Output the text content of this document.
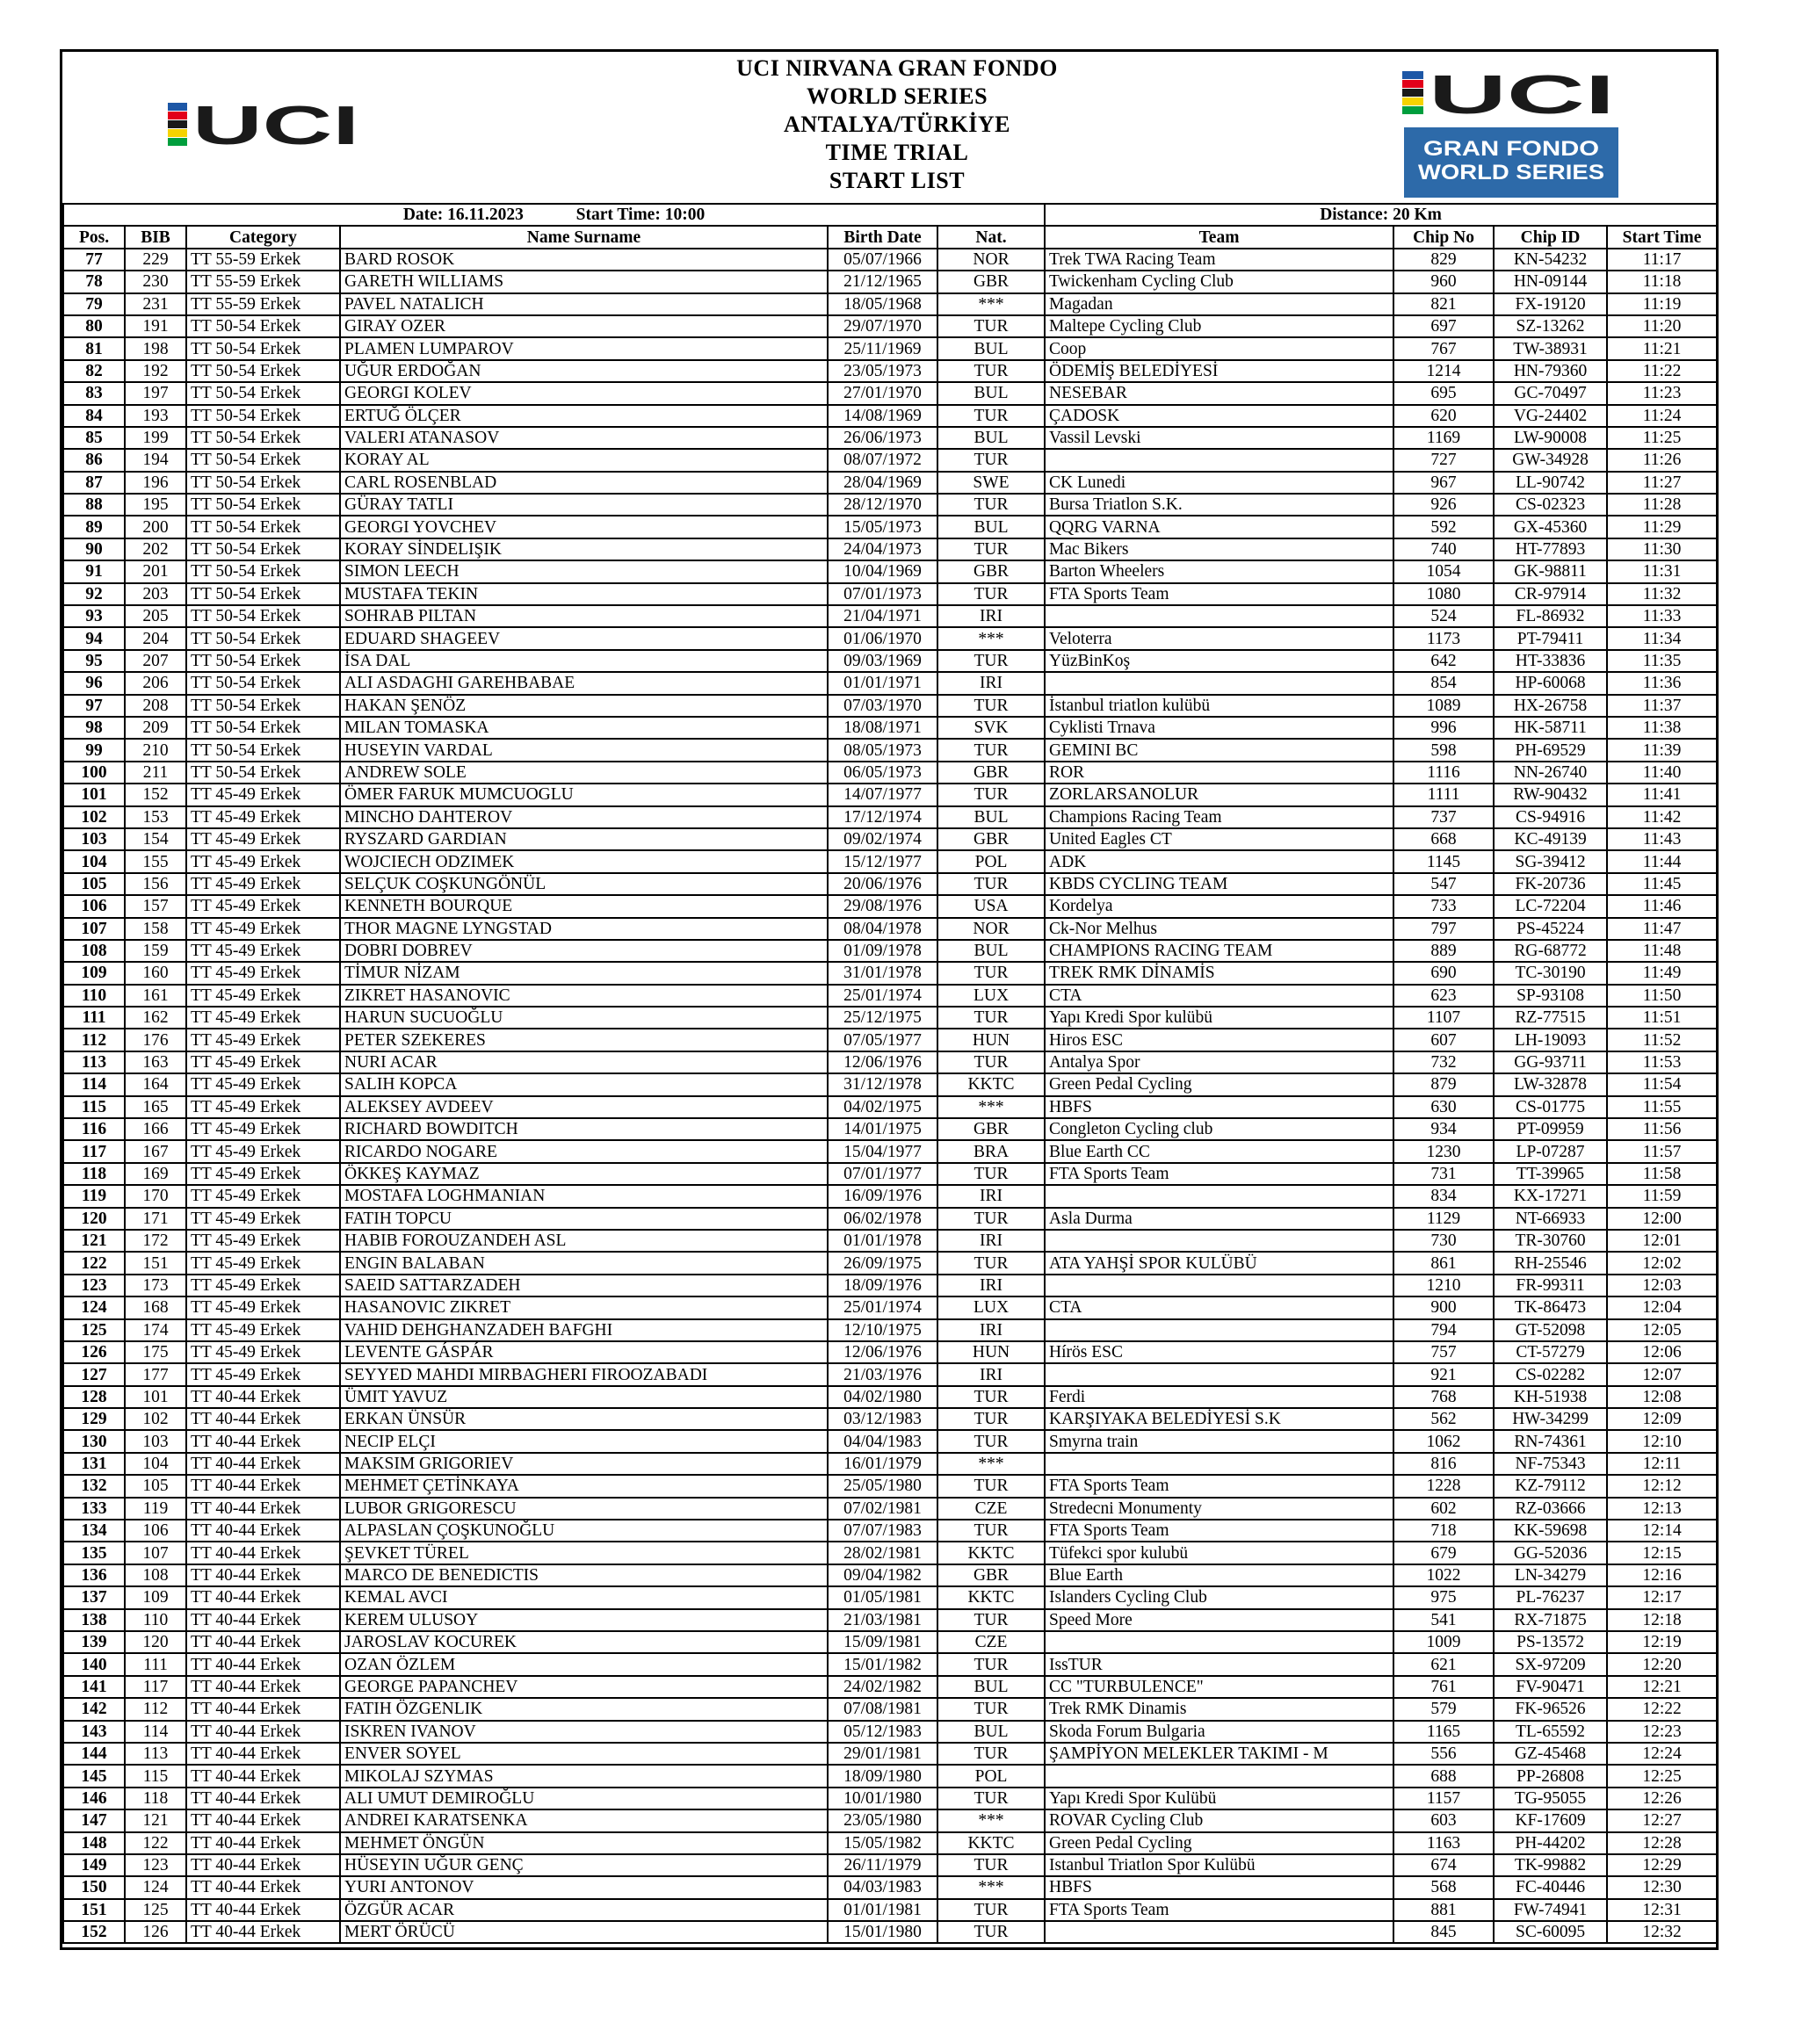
UCI
UCI NIRVANA GRAN FONDO
WORLD SERIES
ANTALYA/TÜRKİYE
TIME TRIAL
START LIST
UCI
GRAN FONDO
WORLD SERIES
Date: 16.11.2023 Start Time: 10:00						Distance: 20 Km			
Pos.	BIB	Category	Name Surname	Birth Date	Nat.	Team	Chip No	Chip ID	Start Time
77	229	TT 55-59 Erkek	BARD ROSOK	05/07/1966	NOR	Trek TWA Racing Team	829	KN-54232	11:17
78	230	TT 55-59 Erkek	GARETH WILLIAMS	21/12/1965	GBR	Twickenham Cycling Club	960	HN-09144	11:18
79	231	TT 55-59 Erkek	PAVEL NATALICH	18/05/1968	***	Magadan	821	FX-19120	11:19
80	191	TT 50-54 Erkek	GIRAY OZER	29/07/1970	TUR	Maltepe Cycling Club	697	SZ-13262	11:20
81	198	TT 50-54 Erkek	PLAMEN LUMPAROV	25/11/1969	BUL	Coop	767	TW-38931	11:21
82	192	TT 50-54 Erkek	UĞUR ERDOĞAN	23/05/1973	TUR	ÖDEMİŞ BELEDİYESİ	1214	HN-79360	11:22
83	197	TT 50-54 Erkek	GEORGI KOLEV	27/01/1970	BUL	NESEBAR	695	GC-70497	11:23
84	193	TT 50-54 Erkek	ERTUĞ ÖLÇER	14/08/1969	TUR	ÇADOSK	620	VG-24402	11:24
85	199	TT 50-54 Erkek	VALERI ATANASOV	26/06/1973	BUL	Vassil Levski	1169	LW-90008	11:25
86	194	TT 50-54 Erkek	KORAY AL	08/07/1972	TUR		727	GW-34928	11:26
87	196	TT 50-54 Erkek	CARL ROSENBLAD	28/04/1969	SWE	CK Lunedi	967	LL-90742	11:27
88	195	TT 50-54 Erkek	GÜRAY TATLI	28/12/1970	TUR	Bursa Triatlon S.K.	926	CS-02323	11:28
89	200	TT 50-54 Erkek	GEORGI YOVCHEV	15/05/1973	BUL	QQRG VARNA	592	GX-45360	11:29
90	202	TT 50-54 Erkek	KORAY SİNDELIŞIK	24/04/1973	TUR	Mac Bikers	740	HT-77893	11:30
91	201	TT 50-54 Erkek	SIMON LEECH	10/04/1969	GBR	Barton Wheelers	1054	GK-98811	11:31
92	203	TT 50-54 Erkek	MUSTAFA TEKIN	07/01/1973	TUR	FTA Sports Team	1080	CR-97914	11:32
93	205	TT 50-54 Erkek	SOHRAB PILTAN	21/04/1971	IRI		524	FL-86932	11:33
94	204	TT 50-54 Erkek	EDUARD SHAGEEV	01/06/1970	***	Veloterra	1173	PT-79411	11:34
95	207	TT 50-54 Erkek	İSA DAL	09/03/1969	TUR	YüzBinKoş	642	HT-33836	11:35
96	206	TT 50-54 Erkek	ALI ASDAGHI GAREHBABAE	01/01/1971	IRI		854	HP-60068	11:36
97	208	TT 50-54 Erkek	HAKAN ŞENÖZ	07/03/1970	TUR	İstanbul triatlon kulübü	1089	HX-26758	11:37
98	209	TT 50-54 Erkek	MILAN TOMASKA	18/08/1971	SVK	Cyklisti Trnava	996	HK-58711	11:38
99	210	TT 50-54 Erkek	HUSEYIN VARDAL	08/05/1973	TUR	GEMINI BC	598	PH-69529	11:39
100	211	TT 50-54 Erkek	ANDREW SOLE	06/05/1973	GBR	ROR	1116	NN-26740	11:40
101	152	TT 45-49 Erkek	ÖMER FARUK MUMCUOGLU	14/07/1977	TUR	ZORLARSANOLUR	1111	RW-90432	11:41
102	153	TT 45-49 Erkek	MINCHO DAHTEROV	17/12/1974	BUL	Champions Racing Team	737	CS-94916	11:42
103	154	TT 45-49 Erkek	RYSZARD GARDIAN	09/02/1974	GBR	United Eagles CT	668	KC-49139	11:43
104	155	TT 45-49 Erkek	WOJCIECH ODZIMEK	15/12/1977	POL	ADK	1145	SG-39412	11:44
105	156	TT 45-49 Erkek	SELÇUK COŞKUNGÖNÜL	20/06/1976	TUR	KBDS CYCLING TEAM	547	FK-20736	11:45
106	157	TT 45-49 Erkek	KENNETH BOURQUE	29/08/1976	USA	Kordelya	733	LC-72204	11:46
107	158	TT 45-49 Erkek	THOR MAGNE LYNGSTAD	08/04/1978	NOR	Ck-Nor Melhus	797	PS-45224	11:47
108	159	TT 45-49 Erkek	DOBRI DOBREV	01/09/1978	BUL	CHAMPIONS RACING TEAM	889	RG-68772	11:48
109	160	TT 45-49 Erkek	TİMUR NİZAM	31/01/1978	TUR	TREK RMK DİNAMİS	690	TC-30190	11:49
110	161	TT 45-49 Erkek	ZIKRET HASANOVIC	25/01/1974	LUX	CTA	623	SP-93108	11:50
111	162	TT 45-49 Erkek	HARUN SUCUOĞLU	25/12/1975	TUR	Yapı Kredi Spor kulübü	1107	RZ-77515	11:51
112	176	TT 45-49 Erkek	PETER SZEKERES	07/05/1977	HUN	Hiros ESC	607	LH-19093	11:52
113	163	TT 45-49 Erkek	NURI ACAR	12/06/1976	TUR	Antalya Spor	732	GG-93711	11:53
114	164	TT 45-49 Erkek	SALIH KOPCA	31/12/1978	KKTC	Green Pedal Cycling	879	LW-32878	11:54
115	165	TT 45-49 Erkek	ALEKSEY AVDEEV	04/02/1975	***	HBFS	630	CS-01775	11:55
116	166	TT 45-49 Erkek	RICHARD BOWDITCH	14/01/1975	GBR	Congleton Cycling club	934	PT-09959	11:56
117	167	TT 45-49 Erkek	RICARDO NOGARE	15/04/1977	BRA	Blue Earth CC	1230	LP-07287	11:57
118	169	TT 45-49 Erkek	ÖKKEŞ KAYMAZ	07/01/1977	TUR	FTA Sports Team	731	TT-39965	11:58
119	170	TT 45-49 Erkek	MOSTAFA LOGHMANIAN	16/09/1976	IRI		834	KX-17271	11:59
120	171	TT 45-49 Erkek	FATIH TOPCU	06/02/1978	TUR	Asla Durma	1129	NT-66933	12:00
121	172	TT 45-49 Erkek	HABIB FOROUZANDEH ASL	01/01/1978	IRI		730	TR-30760	12:01
122	151	TT 45-49 Erkek	ENGIN BALABAN	26/09/1975	TUR	ATA YAHŞİ SPOR KULÜBÜ	861	RH-25546	12:02
123	173	TT 45-49 Erkek	SAEID SATTARZADEH	18/09/1976	IRI		1210	FR-99311	12:03
124	168	TT 45-49 Erkek	HASANOVIC ZIKRET	25/01/1974	LUX	CTA	900	TK-86473	12:04
125	174	TT 45-49 Erkek	VAHID DEHGHANZADEH BAFGHI	12/10/1975	IRI		794	GT-52098	12:05
126	175	TT 45-49 Erkek	LEVENTE GÁSPÁR	12/06/1976	HUN	Hírös ESC	757	CT-57279	12:06
127	177	TT 45-49 Erkek	SEYYED MAHDI MIRBAGHERI FIROOZABADI	21/03/1976	IRI		921	CS-02282	12:07
128	101	TT 40-44 Erkek	ÜMIT YAVUZ	04/02/1980	TUR	Ferdi	768	KH-51938	12:08
129	102	TT 40-44 Erkek	ERKAN ÜNSÜR	03/12/1983	TUR	KARŞIYAKA BELEDİYESİ S.K	562	HW-34299	12:09
130	103	TT 40-44 Erkek	NECIP ELÇI	04/04/1983	TUR	Smyrna train	1062	RN-74361	12:10
131	104	TT 40-44 Erkek	MAKSIM GRIGORIEV	16/01/1979	***		816	NF-75343	12:11
132	105	TT 40-44 Erkek	MEHMET ÇETİNKAYA	25/05/1980	TUR	FTA Sports Team	1228	KZ-79112	12:12
133	119	TT 40-44 Erkek	LUBOR GRIGORESCU	07/02/1981	CZE	Stredecni Monumenty	602	RZ-03666	12:13
134	106	TT 40-44 Erkek	ALPASLAN ÇOŞKUNOĞLU	07/07/1983	TUR	FTA Sports Team	718	KK-59698	12:14
135	107	TT 40-44 Erkek	ŞEVKET TÜREL	28/02/1981	KKTC	Tüfekci spor kulubü	679	GG-52036	12:15
136	108	TT 40-44 Erkek	MARCO DE BENEDICTIS	09/04/1982	GBR	Blue Earth	1022	LN-34279	12:16
137	109	TT 40-44 Erkek	KEMAL AVCI	01/05/1981	KKTC	Islanders Cycling Club	975	PL-76237	12:17
138	110	TT 40-44 Erkek	KEREM ULUSOY	21/03/1981	TUR	Speed More	541	RX-71875	12:18
139	120	TT 40-44 Erkek	JAROSLAV KOCUREK	15/09/1981	CZE		1009	PS-13572	12:19
140	111	TT 40-44 Erkek	OZAN ÖZLEM	15/01/1982	TUR	IssTUR	621	SX-97209	12:20
141	117	TT 40-44 Erkek	GEORGE PAPANCHEV	24/02/1982	BUL	CC "TURBULENCE"	761	FV-90471	12:21
142	112	TT 40-44 Erkek	FATIH ÖZGENLIK	07/08/1981	TUR	Trek RMK Dinamis	579	FK-96526	12:22
143	114	TT 40-44 Erkek	ISKREN IVANOV	05/12/1983	BUL	Skoda Forum Bulgaria	1165	TL-65592	12:23
144	113	TT 40-44 Erkek	ENVER SOYEL	29/01/1981	TUR	ŞAMPİYON MELEKLER TAKIMI - M	556	GZ-45468	12:24
145	115	TT 40-44 Erkek	MIKOLAJ SZYMAS	18/09/1980	POL		688	PP-26808	12:25
146	118	TT 40-44 Erkek	ALI UMUT DEMIROĞLU	10/01/1980	TUR	Yapı Kredi Spor Kulübü	1157	TG-95055	12:26
147	121	TT 40-44 Erkek	ANDREI KARATSENKA	23/05/1980	***	ROVAR Cycling Club	603	KF-17609	12:27
148	122	TT 40-44 Erkek	MEHMET ÖNGÜN	15/05/1982	KKTC	Green Pedal Cycling	1163	PH-44202	12:28
149	123	TT 40-44 Erkek	HÜSEYIN UĞUR GENÇ	26/11/1979	TUR	Istanbul Triatlon Spor Kulübü	674	TK-99882	12:29
150	124	TT 40-44 Erkek	YURI ANTONOV	04/03/1983	***	HBFS	568	FC-40446	12:30
151	125	TT 40-44 Erkek	ÖZGÜR ACAR	01/01/1981	TUR	FTA Sports Team	881	FW-74941	12:31
152	126	TT 40-44 Erkek	MERT ÖRÜCÜ	15/01/1980	TUR		845	SC-60095	12:32
